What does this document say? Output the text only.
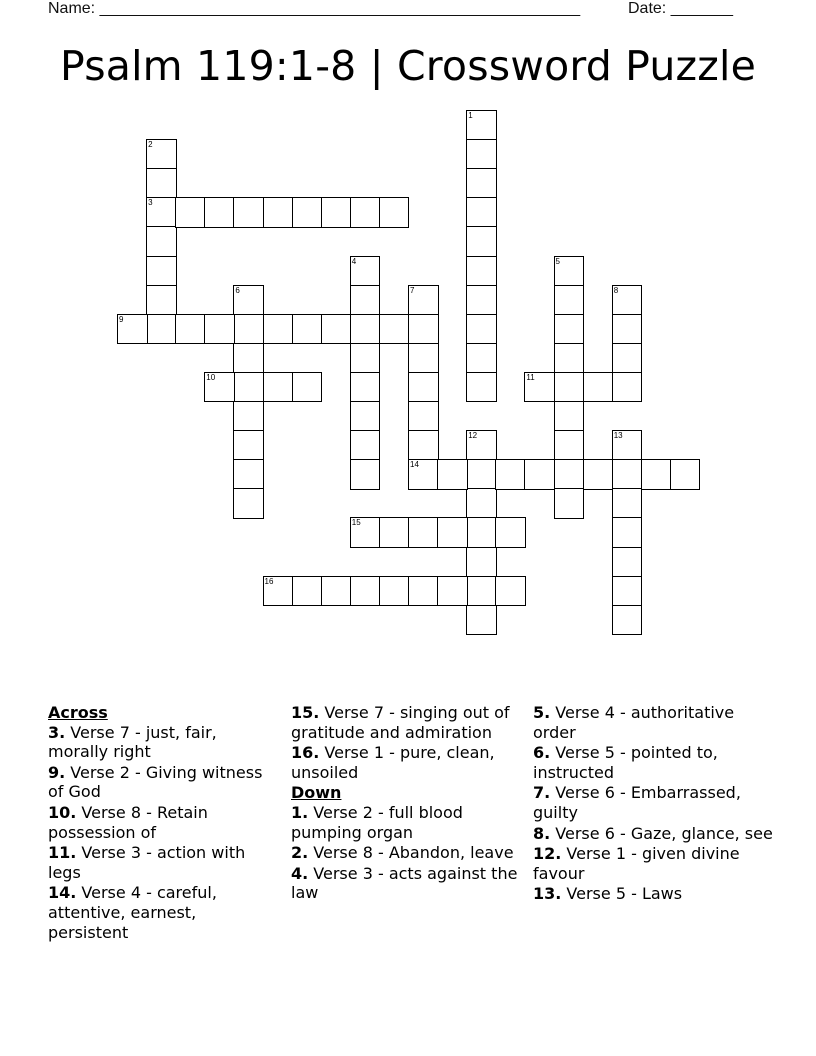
Name: ______________________________________________________	Date: _______
Psalm 119:1-8 | Crossword Puzzle
1
2
3
4	5
6	7
14
8
9
10	11
12	13
15
16
Across
3. Verse 7 - just, fair, morally right
9. Verse 2 - Giving witness of God
10. Verse 8 - Retain possession of
11. Verse 3 - action with legs
14. Verse 4 - careful, attentive, earnest, persistent
15. Verse 7 - singing out of gratitude and admiration
16. Verse 1 - pure, clean, unsoiled
Down
1. Verse 2 - full blood pumping organ
2. Verse 8 - Abandon, leave
4. Verse 3 - acts against the law
5. Verse 4 - authoritative order
6. Verse 5 - pointed to, instructed
7. Verse 6 - Embarrassed, guilty
8. Verse 6 - Gaze, glance, see
12. Verse 1 - given divine favour
13. Verse 5 - Laws
